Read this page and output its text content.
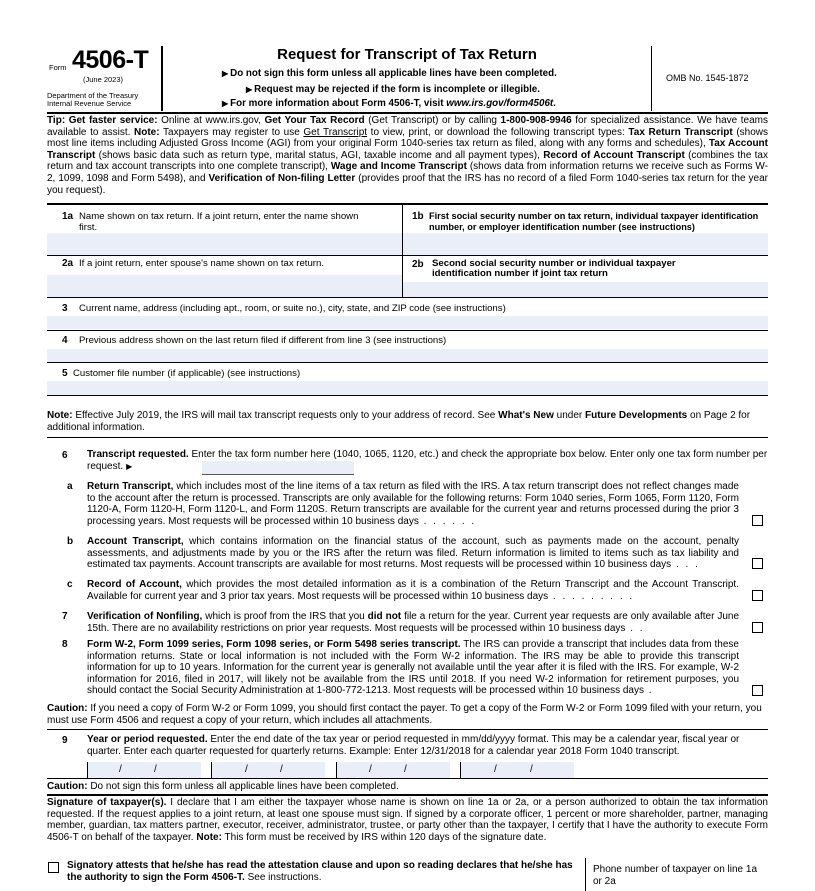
Form 4506-T
(June 2023)
Department of the Treasury
Internal Revenue Service
Request for Transcript of Tax Return
▶ Do not sign this form unless all applicable lines have been completed.
▶ Request may be rejected if the form is incomplete or illegible.
▶ For more information about Form 4506-T, visit www.irs.gov/form4506t.
OMB No. 1545-1872
Tip: Get faster service: Online at www.irs.gov, Get Your Tax Record (Get Transcript) or by calling 1-800-908-9946 for specialized assistance. We have teams available to assist. Note: Taxpayers may register to use Get Transcript to view, print, or download the following transcript types: Tax Return Transcript (shows most line items including Adjusted Gross Income (AGI) from your original Form 1040-series tax return as filed, along with any forms and schedules), Tax Account Transcript (shows basic data such as return type, marital status, AGI, taxable income and all payment types), Record of Account Transcript (combines the tax return and tax account transcripts into one complete transcript), Wage and Income Transcript (shows data from information returns we receive such as Forms W-2, 1099, 1098 and Form 5498), and Verification of Non-filing Letter (provides proof that the IRS has no record of a filed Form 1040-series tax return for the year you request).
1a Name shown on tax return. If a joint return, enter the name shown first.
1b First social security number on tax return, individual taxpayer identification number, or employer identification number (see instructions)
2a If a joint return, enter spouse's name shown on tax return.	2b Second social security number or individual taxpayer identification number if joint tax return
3 Current name, address (including apt., room, or suite no.), city, state, and ZIP code (see instructions)
4 Previous address shown on the last return filed if different from line 3 (see instructions)
5 Customer file number (if applicable) (see instructions)
Note: Effective July 2019, the IRS will mail tax transcript requests only to your address of record. See What's New under Future Developments on Page 2 for additional information.
6 Transcript requested. Enter the tax form number here (1040, 1065, 1120, etc.) and check the appropriate box below. Enter only one tax form number per request. ▶
a Return Transcript, which includes most of the line items of a tax return as filed with the IRS. A tax return transcript does not reflect changes made to the account after the return is processed. Transcripts are only available for the following returns: Form 1040 series, Form 1065, Form 1120, Form 1120-A, Form 1120-H, Form 1120-L, and Form 1120S. Return transcripts are available for the current year and returns processed during the prior 3 processing years. Most requests will be processed within 10 business days . . . . . .
b Account Transcript, which contains information on the financial status of the account, such as payments made on the account, penalty assessments, and adjustments made by you or the IRS after the return was filed. Return information is limited to items such as tax liability and estimated tax payments. Account transcripts are available for most returns. Most requests will be processed within 10 business days . . .
c Record of Account, which provides the most detailed information as it is a combination of the Return Transcript and the Account Transcript. Available for current year and 3 prior tax years. Most requests will be processed within 10 business days . . . . . . . . .
7 Verification of Nonfiling, which is proof from the IRS that you did not file a return for the year. Current year requests are only available after June 15th. There are no availability restrictions on prior year requests. Most requests will be processed within 10 business days . .
8 Form W-2, Form 1099 series, Form 1098 series, or Form 5498 series transcript. The IRS can provide a transcript that includes data from these information returns. State or local information is not included with the Form W-2 information. The IRS may be able to provide this transcript information for up to 10 years. Information for the current year is generally not available until the year after it is filed with the IRS. For example, W-2 information for 2016, filed in 2017, will likely not be available from the IRS until 2018. If you need W-2 information for retirement purposes, you should contact the Social Security Administration at 1-800-772-1213. Most requests will be processed within 10 business days .
Caution: If you need a copy of Form W-2 or Form 1099, you should first contact the payer. To get a copy of the Form W-2 or Form 1099 filed with your return, you must use Form 4506 and request a copy of your return, which includes all attachments.
9 Year or period requested. Enter the end date of the tax year or period requested in mm/dd/yyyy format. This may be a calendar year, fiscal year or quarter. Enter each quarter requested for quarterly returns. Example: Enter 12/31/2018 for a calendar year 2018 Form 1040 transcript.
/	/	/	/	/	/	/	/
Caution: Do not sign this form unless all applicable lines have been completed.
Signature of taxpayer(s). I declare that I am either the taxpayer whose name is shown on line 1a or 2a, or a person authorized to obtain the tax information requested. If the request applies to a joint return, at least one spouse must sign. If signed by a corporate officer, 1 percent or more shareholder, partner, managing member, guardian, tax matters partner, executor, receiver, administrator, trustee, or party other than the taxpayer, I certify that I have the authority to execute Form 4506-T on behalf of the taxpayer. Note: This form must be received by IRS within 120 days of the signature date.
Signatory attests that he/she has read the attestation clause and upon so reading declares that he/she has the authority to sign the Form 4506-T. See instructions.
Phone number of taxpayer on line 1a or 2a
